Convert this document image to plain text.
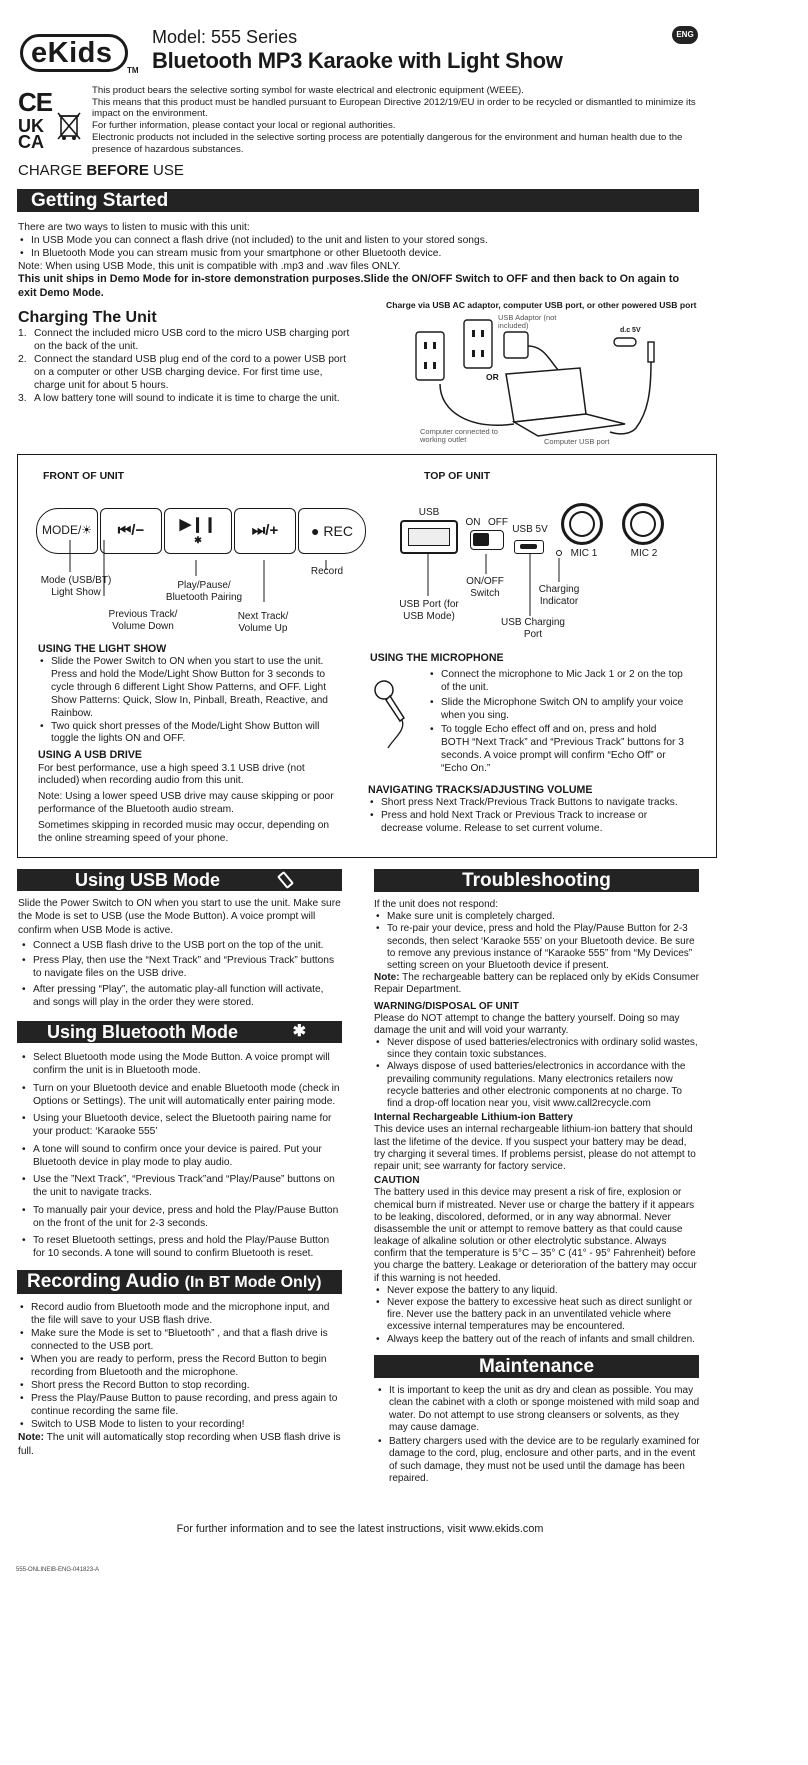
eKids
TM
Model: 555 Series
Bluetooth MP3 Karaoke with Light Show
ENG
CE
UK
CA
This product bears the selective sorting symbol for waste electrical and electronic equipment (WEEE).
This means that this product must be handled pursuant to European Directive 2012/19/EU in order to be recycled or dismantled to minimize its impact on the environment.
For further information, please contact your local or regional authorities.
Electronic products not included in the selective sorting process are potentially dangerous for the environment and human health due to the presence of hazardous substances.
CHARGE BEFORE USE
Getting Started
There are two ways to listen to music with this unit:
• In USB Mode you can connect a flash drive (not included) to the unit and listen to your stored songs.
• In Bluetooth Mode you can stream music from your smartphone or other Bluetooth device.
Note: When using USB Mode, this unit is compatible with .mp3 and .wav files ONLY.
This unit ships in Demo Mode for in-store demonstration purposes.Slide the ON/OFF Switch to OFF and then back to On again to exit Demo Mode.
Charging The Unit
1. Connect the included micro USB cord to the micro USB charging port on the back of the unit.
2. Connect the standard USB plug end of the cord to a power USB port on a computer or other USB charging device. For first time use, charge unit for about 5 hours.
3. A low battery tone will sound to indicate it is time to charge the unit.
Charge via USB AC adaptor, computer USB port, or other powered USB port
USB Adaptor (not included)
OR
d.c 5V
Computer connected to working outlet	Computer USB port
FRONT OF UNIT	TOP OF UNIT
MODE/☀ ⏮/− ▶❙❙
✱
⏭/+ ● REC
Mode (USB/BT) Light Show
Play/Pause/ Bluetooth Pairing
Previous Track/ Volume Down
Next Track/ Volume Up
Record
USB
ON OFF
USB 5V
MIC 1	MIC 2
ON/OFF Switch	Charging Indicator
USB Port (for USB Mode)
USB Charging Port
USING THE LIGHT SHOW
• Slide the Power Switch to ON when you start to use the unit. Press and hold the Mode/Light Show Button for 3 seconds to cycle through 6 different Light Show Patterns, and OFF. Light Show Patterns: Quick, Slow In, Pinball, Breath, Reactive, and Rainbow.
• Two quick short presses of the Mode/Light Show Button will toggle the lights ON and OFF.
USING A USB DRIVE
For best performance, use a high speed 3.1 USB drive (not included) when recording audio from this unit.
Note: Using a lower speed USB drive may cause skipping or poor performance of the Bluetooth audio stream.
Sometimes skipping in recorded music may occur, depending on the online streaming speed of your phone.
USING THE MICROPHONE
• Connect the microphone to Mic Jack 1 or 2 on the top of the unit.
• Slide the Microphone Switch ON to amplify your voice when you sing.
• To toggle Echo effect off and on, press and hold BOTH “Next Track” and “Previous Track” buttons for 3 seconds. A voice prompt will confirm “Echo Off” or “Echo On.”
NAVIGATING TRACKS/ADJUSTING VOLUME
• Short press Next Track/Previous Track Buttons to navigate tracks.
• Press and hold Next Track or Previous Track to increase or decrease volume. Release to set current volume.
Using USB Mode
Slide the Power Switch to ON when you start to use the unit. Make sure the Mode is set to USB (use the Mode Button). A voice prompt will confirm when USB Mode is active.
• Connect a USB flash drive to the USB port on the top of the unit.
• Press Play, then use the “Next Track” and “Previous Track” buttons to navigate files on the USB drive.
• After pressing “Play”, the automatic play-all function will activate, and songs will play in the order they were stored.
Using Bluetooth Mode	✱
• Select Bluetooth mode using the Mode Button. A voice prompt will confirm the unit is in Bluetooth mode.
• Turn on your Bluetooth device and enable Bluetooth mode (check in Options or Settings). The unit will automatically enter pairing mode.
• Using your Bluetooth device, select the Bluetooth pairing name for your product: ‘Karaoke 555’
• A tone will sound to confirm once your device is paired. Put your Bluetooth device in play mode to play audio.
• Use the ”Next Track”, “Previous Track”and “Play/Pause” buttons on the unit to navigate tracks.
• To manually pair your device, press and hold the Play/Pause Button on the front of the unit for 2-3 seconds.
• To reset Bluetooth settings, press and hold the Play/Pause Button for 10 seconds. A tone will sound to confirm Bluetooth is reset.
Recording Audio (In BT Mode Only)
• Record audio from Bluetooth mode and the microphone input, and the file will save to your USB flash drive.
• Make sure the Mode is set to “Bluetooth” , and that a flash drive is connected to the USB port.
• When you are ready to perform, press the Record Button to begin recording from Bluetooth and the microphone.
• Short press the Record Button to stop recording.
• Press the Play/Pause Button to pause recording, and press again to continue recording the same file.
• Switch to USB Mode to listen to your recording!
Note: The unit will automatically stop recording when USB flash drive is full.
Troubleshooting
If the unit does not respond:
• Make sure unit is completely charged.
• To re-pair your device, press and hold the Play/Pause Button for 2-3 seconds, then select ‘Karaoke 555’ on your Bluetooth device. Be sure to remove any previous instance of “Karaoke 555” from “My Devices” setting screen on your Bluetooth device if present.
Note: The rechargeable battery can be replaced only by eKids Consumer Repair Department.
WARNING/DISPOSAL OF UNIT
Please do NOT attempt to change the battery yourself. Doing so may damage the unit and will void your warranty.
• Never dispose of used batteries/electronics with ordinary solid wastes, since they contain toxic substances.
• Always dispose of used batteries/electronics in accordance with the prevailing community regulations. Many electronics retailers now recycle batteries and other electronic components at no charge. To find a drop-off location near you, visit www.call2recycle.com
Internal Rechargeable Lithium-ion Battery
This device uses an internal rechargeable lithium-ion battery that should last the lifetime of the device. If you suspect your battery may be dead, try charging it several times. If problems persist, please do not attempt to repair unit; see warranty for factory service.
CAUTION
The battery used in this device may present a risk of fire, explosion or chemical burn if mistreated. Never use or charge the battery if it appears to be leaking, discolored, deformed, or in any way abnormal. Never disassemble the unit or attempt to remove battery as that could cause leakage of alkaline solution or other electrolytic substance. Always confirm that the temperature is 5°C – 35° C (41° - 95° Fahrenheit) before you charge the battery. Leakage or deterioration of the battery may occur if this warning is not heeded.
• Never expose the battery to any liquid.
• Never expose the battery to excessive heat such as direct sunlight or fire. Never use the battery pack in an unventilated vehicle where excessive internal temperatures may be encountered.
• Always keep the battery out of the reach of infants and small children.
Maintenance
• It is important to keep the unit as dry and clean as possible. You may clean the cabinet with a cloth or sponge moistened with mild soap and water. Do not attempt to use strong cleansers or solvents, as they may cause damage.
• Battery chargers used with the device are to be regularly examined for damage to the cord, plug, enclosure and other parts, and in the event of such damage, they must not be used until the damage has been repaired.
For further information and to see the latest instructions, visit www.ekids.com
555-ONLINEIB-ENG-041823-A
